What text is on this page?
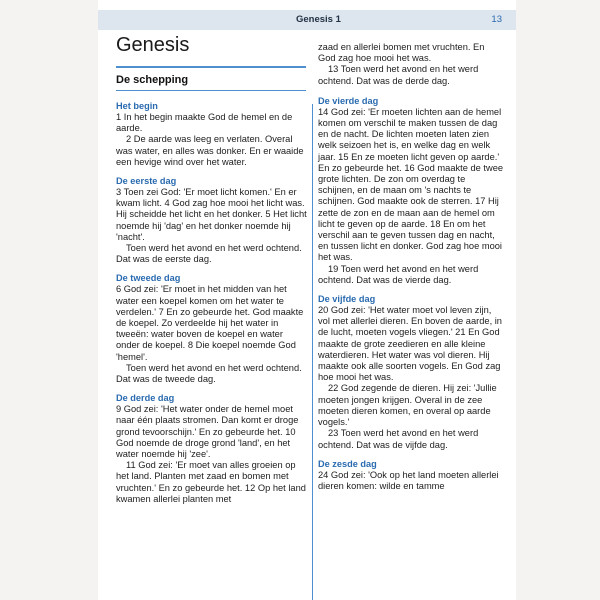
Genesis 1	13
Genesis
De schepping
Het begin

1 In het begin maakte God de hemel en de aarde.

2 De aarde was leeg en verlaten. Overal was water, en alles was donker. En er waaide een hevige wind over het water.

De eerste dag

3 Toen zei God: 'Er moet licht komen.' En er kwam licht. 4 God zag hoe mooi het licht was. Hij scheidde het licht en het donker. 5 Het licht noemde hij 'dag' en het donker noemde hij 'nacht'.

Toen werd het avond en het werd ochtend. Dat was de eerste dag.

De tweede dag

6 God zei: 'Er moet in het midden van het water een koepel komen om het water te verdelen.' 7 En zo gebeurde het. God maakte de koepel. Zo verdeelde hij het water in tweeën: water boven de koepel en water onder de koepel. 8 Die koepel noemde God 'hemel'.

Toen werd het avond en het werd ochtend. Dat was de tweede dag.

De derde dag

9 God zei: 'Het water onder de hemel moet naar één plaats stromen. Dan komt er droge grond tevoorschijn.' En zo gebeurde het. 10 God noemde de droge grond 'land', en het water noemde hij 'zee'.

11 God zei: 'Er moet van alles groeien op het land. Planten met zaad en bomen met vruchten.' En zo gebeurde het. 12 Op het land kwamen allerlei planten met

zaad en allerlei bomen met vruchten. En God zag hoe mooi het was.

13 Toen werd het avond en het werd ochtend. Dat was de derde dag.

De vierde dag

14 God zei: 'Er moeten lichten aan de hemel komen om verschil te maken tussen de dag en de nacht. De lichten moeten laten zien welk seizoen het is, en welke dag en welk jaar. 15 En ze moeten licht geven op aarde.' En zo gebeurde het. 16 God maakte de twee grote lichten. De zon om overdag te schijnen, en de maan om 's nachts te schijnen. God maakte ook de sterren. 17 Hij zette de zon en de maan aan de hemel om licht te geven op de aarde. 18 En om het verschil aan te geven tussen dag en nacht, en tussen licht en donker. God zag hoe mooi het was.

19 Toen werd het avond en het werd ochtend. Dat was de vierde dag.

De vijfde dag

20 God zei: 'Het water moet vol leven zijn, vol met allerlei dieren. En boven de aarde, in de lucht, moeten vogels vliegen.' 21 En God maakte de grote zeedieren en alle kleine waterdieren. Het water was vol dieren. Hij maakte ook alle soorten vogels. En God zag hoe mooi het was.

22 God zegende de dieren. Hij zei: 'Jullie moeten jongen krijgen. Overal in de zee moeten dieren komen, en overal op aarde vogels.'

23 Toen werd het avond en het werd ochtend. Dat was de vijfde dag.

De zesde dag

24 God zei: 'Ook op het land moeten allerlei dieren komen: wilde en tamme
